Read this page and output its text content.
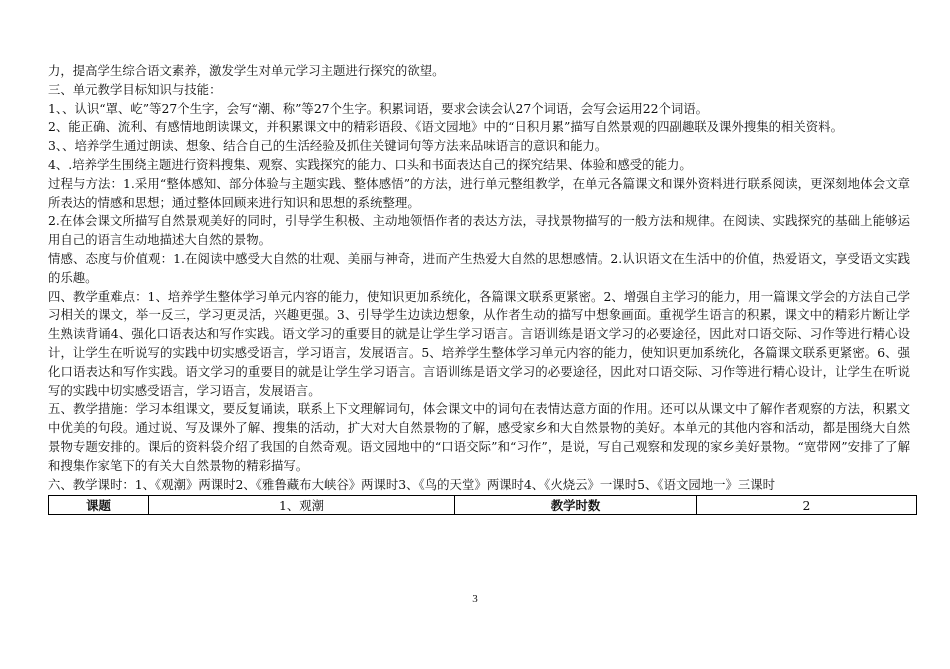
力，提高学生综合语文素养，激发学生对单元学习主题进行探究的欲望。

三、单元教学目标知识与技能：

1、、认识“罩、屹”等27个生字，会写“潮、称”等27个生字。积累词语，要求会读会认27个词语，会写会运用22个词语。

2、能正确、流利、有感情地朗读课文，并积累课文中的精彩语段、《语文园地》中的“日积月累”描写自然景观的四副趣联及课外搜集的相关资料。

3、、培养学生通过朗读、想象、结合自己的生活经验及抓住关键词句等方法来品味语言的意识和能力。

4、.培养学生围绕主题进行资料搜集、观察、实践探究的能力、口头和书面表达自己的探究结果、体验和感受的能力。

过程与方法：1.采用“整体感知、部分体验与主题实践、整体感悟”的方法，进行单元整组教学，在单元各篇课文和课外资料进行联系阅读，更深刻地体会文章所表达的情感和思想；通过整体回顾来进行知识和思想的系统整理。

2.在体会课文所描写自然景观美好的同时，引导学生积极、主动地领悟作者的表达方法，寻找景物描写的一般方法和规律。在阅读、实践探究的基础上能够运用自己的语言生动地描述大自然的景物。

情感、态度与价值观：1.在阅读中感受大自然的壮观、美丽与神奇，进而产生热爱大自然的思想感情。2.认识语文在生活中的价值，热爱语文，享受语文实践的乐趣。

四、教学重难点：1、培养学生整体学习单元内容的能力，使知识更加系统化，各篇课文联系更紧密。2、增强自主学习的能力，用一篇课文学会的方法自己学习相关的课文，举一反三，学习更灵活，兴趣更强。3、引导学生边读边想象，从作者生动的描写中想象画面。重视学生语言的积累，课文中的精彩片断让学生熟读背诵4、强化口语表达和写作实践。语文学习的重要目的就是让学生学习语言。言语训练是语文学习的必要途径，因此对口语交际、习作等进行精心设计，让学生在听说写的实践中切实感受语言，学习语言，发展语言。5、培养学生整体学习单元内容的能力，使知识更加系统化，各篇课文联系更紧密。6、强化口语表达和写作实践。语文学习的重要目的就是让学生学习语言。言语训练是语文学习的必要途径，因此对口语交际、习作等进行精心设计，让学生在听说写的实践中切实感受语言，学习语言，发展语言。

五、教学措施：学习本组课文，要反复诵读，联系上下文理解词句，体会课文中的词句在表情达意方面的作用。还可以从课文中了解作者观察的方法，积累文中优美的句段。通过说、写及课外了解、搜集的活动，扩大对大自然景物的了解，感受家乡和大自然景物的美好。本单元的其他内容和活动，都是围绕大自然景物专题安排的。课后的资料袋介绍了我国的自然奇观。语文园地中的“口语交际”和“习作”，是说，写自己观察和发现的家乡美好景物。“宽带网”安排了了解和搜集作家笔下的有关大自然景物的精彩描写。

六、教学课时：1、《观潮》两课时2、《雅鲁藏布大峡谷》两课时3、《鸟的天堂》两课时4、《火烧云》一课时5、《语文园地一》三课时

课题	1、观潮	教学时数	2
3
